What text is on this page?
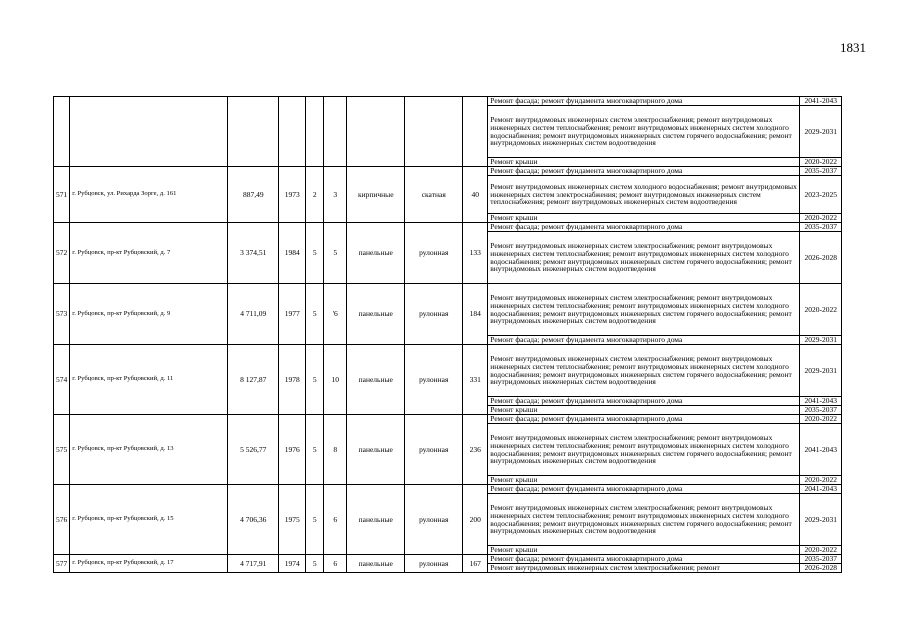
1831
									Ремонт фасада; ремонт фундамента многоквартирного дома	2041-2043
									Ремонт внутридомовых инженерных систем электроснабжения; ремонт внутридомовых инженерных систем теплоснабжения; ремонт внутридомовых инженерных систем холодного водоснабжения; ремонт внутридомовых инженерных систем горячего водоснабжения; ремонт внутридомовых инженерных систем водоотведения	2029-2031
									Ремонт крыши	2020-2022
571	г. Рубцовск, ул. Рихарда Зорге, д. 161	887,49	1973	2	3	кирпичные	скатная	40	Ремонт фасада; ремонт фундамента многоквартирного дома	2035-2037
									Ремонт внутридомовых инженерных систем холодного водоснабжения; ремонт внутридомовых инженерных систем электроснабжения; ремонт внутридомовых инженерных систем теплоснабжения; ремонт внутридомовых инженерных систем водоотведения	2023-2025
									Ремонт крыши	2020-2022
572	г. Рубцовск, пр-кт Рубцовский, д. 7	3 374,51	1984	5	5	панельные	рулонная	133	Ремонт фасада; ремонт фундамента многоквартирного дома	2035-2037
									Ремонт внутридомовых инженерных систем электроснабжения; ремонт внутридомовых инженерных систем теплоснабжения; ремонт внутридомовых инженерных систем холодного водоснабжения; ремонт внутридомовых инженерных систем горячего водоснабжения; ремонт внутридомовых инженерных систем водоотведения	2026-2028
573	г. Рубцовск, пр-кт Рубцовский, д. 9	4 711,09	1977	5	'6	панельные	рулонная	184	Ремонт внутридомовых инженерных систем электроснабжения; ремонт внутридомовых инженерных систем теплоснабжения; ремонт внутридомовых инженерных систем холодного водоснабжения; ремонт внутридомовых инженерных систем горячего водоснабжения; ремонт внутридомовых инженерных систем водоотведения	2020-2022
									Ремонт фасада; ремонт фундамента многоквартирного дома	2029-2031
574	г. Рубцовск, пр-кт Рубцовский, д. 11	8 127,87	1978	5	10	панельные	рулонная	331	Ремонт внутридомовых инженерных систем электроснабжения; ремонт внутридомовых инженерных систем теплоснабжения; ремонт внутридомовых инженерных систем холодного водоснабжения; ремонт внутридомовых инженерных систем горячего водоснабжения; ремонт внутридомовых инженерных систем водоотведения	2029-2031
									Ремонт фасада; ремонт фундамента многоквартирного дома	2041-2043
									Ремонт крыши	2035-2037
575	г. Рубцовск, пр-кт Рубцовский, д. 13	5 526,77	1976	5	8	панельные	рулонная	236	Ремонт фасада; ремонт фундамента многоквартирного дома	2020-2022
									Ремонт внутридомовых инженерных систем электроснабжения; ремонт внутридомовых инженерных систем теплоснабжения; ремонт внутридомовых инженерных систем холодного водоснабжения; ремонт внутридомовых инженерных систем горячего водоснабжения; ремонт внутридомовых инженерных систем водоотведения	2041-2043
									Ремонт крыши	2020-2022
576	г. Рубцовск, пр-кт Рубцовский, д. 15	4 706,36	1975	5	6	панельные	рулонная	200	Ремонт фасада; ремонт фундамента многоквартирного дома	2041-2043
									Ремонт внутридомовых инженерных систем электроснабжения; ремонт внутридомовых инженерных систем теплоснабжения; ремонт внутридомовых инженерных систем холодного водоснабжения; ремонт внутридомовых инженерных систем горячего водоснабжения; ремонт внутридомовых инженерных систем водоотведения	2029-2031
									Ремонт крыши	2020-2022
577	г. Рубцовск, пр-кт Рубцовский, д. 17	4 717,91	1974	5	6	панельные	рулонная	167	Ремонт фасада; ремонт фундамента многоквартирного дома	2035-2037
									Ремонт внутридомовых инженерных систем электроснабжения; ремонт	2026-2028
